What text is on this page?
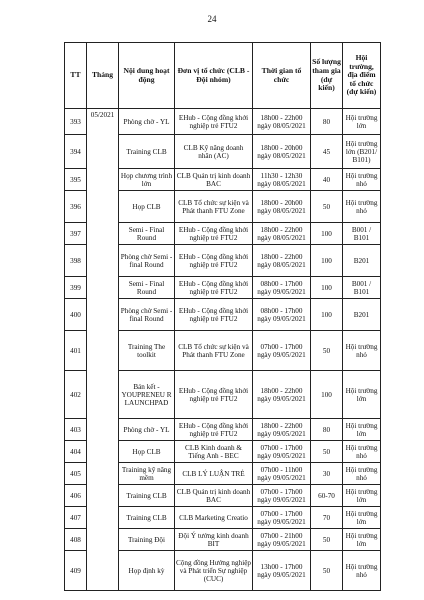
24
TT	Tháng	Nội dung hoạt động	Đơn vị tổ chức (CLB - Đội nhóm)	Thời gian tổ chức	Số lượng tham gia (dự kiến)	Hội trường, địa điểm tổ chức (dự kiến)
393	05/2021	Phòng chờ - YL	EHub - Cộng đồng khởi nghiệp trẻ FTU2	18h00 - 22h00 ngày 08/05/2021	80	Hội trường lớn
394		Training CLB	CLB Kỹ năng doanh nhân (AC)	18h00 - 20h00 ngày 08/05/2021	45	Hội trường lớn (B201/ B101)
395		Họp chương trình lớn	CLB Quản trị kinh doanh BAC	11h30 - 12h30 ngày 08/05/2021	40	Hội trường nhỏ
396		Họp CLB	CLB Tổ chức sự kiện và Phát thanh FTU Zone	18h00 - 20h00 ngày 08/05/2021	50	Hội trường nhỏ
397		Semi - Final Round	EHub - Cộng đồng khởi nghiệp trẻ FTU2	18h00 - 22h00 ngày 08/05/2021	100	B001 / B101
398		Phòng chờ Semi - final Round	EHub - Cộng đồng khởi nghiệp trẻ FTU2	18h00 - 22h00 ngày 08/05/2021	100	B201
399		Semi - Final Round	EHub - Cộng đồng khởi nghiệp trẻ FTU2	08h00 - 17h00 ngày 09/05/2021	100	B001 / B101
400		Phòng chờ Semi - final Round	EHub - Cộng đồng khởi nghiệp trẻ FTU2	08h00 - 17h00 ngày 09/05/2021	100	B201
401		Training The toolkit	CLB Tổ chức sự kiện và Phát thanh FTU Zone	07h00 - 17h00 ngày 09/05/2021	50	Hội trường nhỏ
402		Bán kết - YOUPRENEU R LAUNCHPAD	EHub - Cộng đồng khởi nghiệp trẻ FTU2	18h00 - 22h00 ngày 09/05/2021	100	Hội trường lớn
403		Phòng chờ - YL	EHub - Cộng đồng khởi nghiệp trẻ FTU2	18h00 - 22h00 ngày 09/05/2021	80	Hội trường lớn
404		Họp CLB	CLB Kinh doanh & Tiếng Anh - BEC	07h00 - 17h00 ngày 09/05/2021	50	Hội trường nhỏ
405		Training kỹ năng mềm	CLB LÝ LUẬN TRẺ	07h00 - 11h00 ngày 09/05/2021	30	Hội trường nhỏ
406		Training CLB	CLB Quản trị kinh doanh BAC	07h00 - 17h00 ngày 09/05/2021	60-70	Hội trường lớn
407		Training CLB	CLB Marketing Creatio	07h00 - 17h00 ngày 09/05/2021	70	Hội trường lớn
408		Training Đội	Đội Ý tưởng kinh doanh BIT	07h00 - 21h00 ngày 09/05/2021	50	Hội trường lớn
409		Họp định kỳ	Cộng đồng Hướng nghiệp và Phát triển Sự nghiệp (CUC)	13h00 - 17h00 ngày 09/05/2021	50	Hội trường nhỏ
